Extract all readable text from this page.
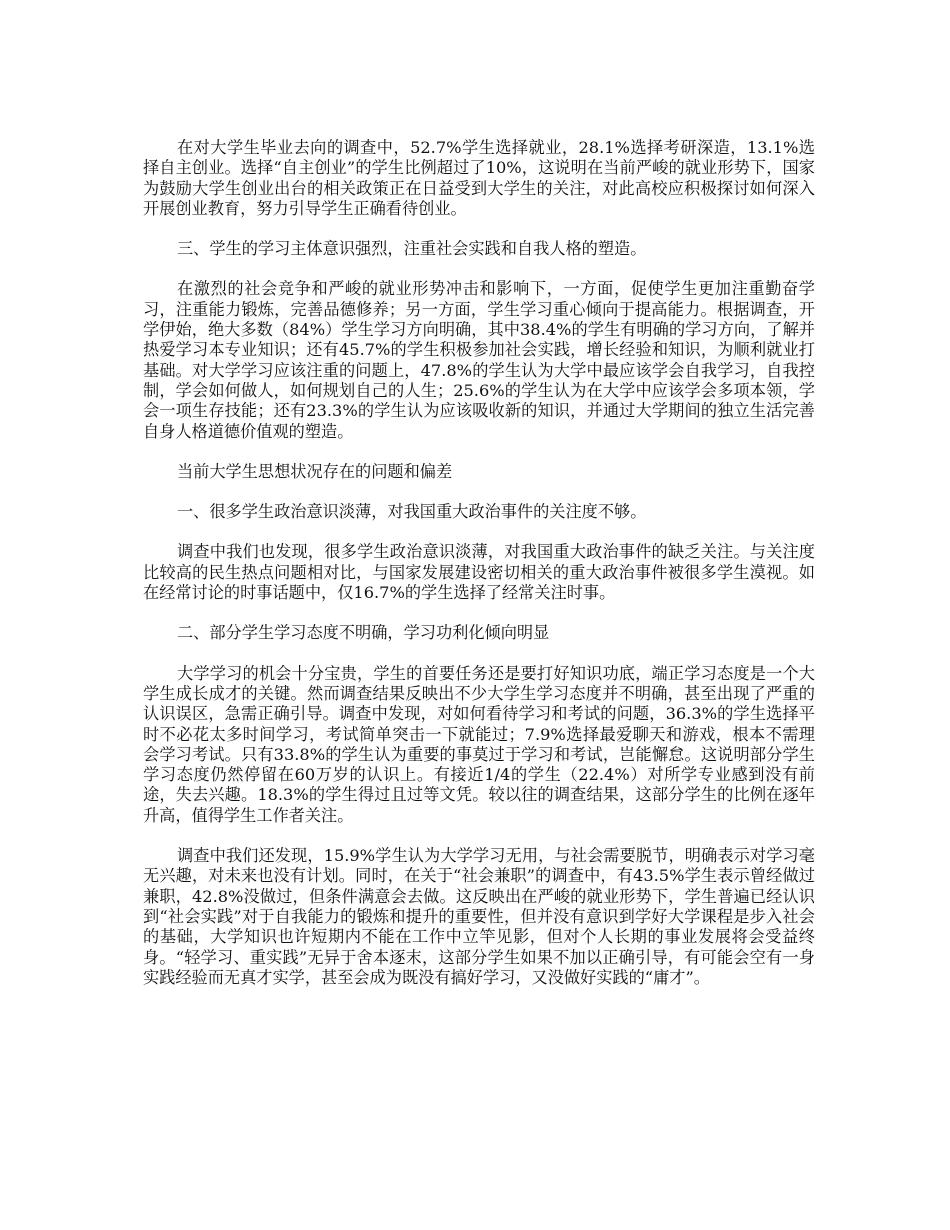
在对大学生毕业去向的调查中，52.7%学生选择就业，28.1%选择考研深造，13.1%选择自主创业。选择“自主创业”的学生比例超过了10%，这说明在当前严峻的就业形势下，国家为鼓励大学生创业出台的相关政策正在日益受到大学生的关注，对此高校应积极探讨如何深入开展创业教育，努力引导学生正确看待创业。

三、学生的学习主体意识强烈，注重社会实践和自我人格的塑造。

在激烈的社会竞争和严峻的就业形势冲击和影响下，一方面，促使学生更加注重勤奋学习，注重能力锻炼，完善品德修养；另一方面，学生学习重心倾向于提高能力。根据调查，开学伊始，绝大多数（84%）学生学习方向明确，其中38.4%的学生有明确的学习方向，了解并热爱学习本专业知识；还有45.7%的学生积极参加社会实践，增长经验和知识，为顺利就业打基础。对大学学习应该注重的问题上，47.8%的学生认为大学中最应该学会自我学习，自我控制，学会如何做人，如何规划自己的人生；25.6%的学生认为在大学中应该学会多项本领，学会一项生存技能；还有23.3%的学生认为应该吸收新的知识，并通过大学期间的独立生活完善自身人格道德价值观的塑造。

当前大学生思想状况存在的问题和偏差

一、很多学生政治意识淡薄，对我国重大政治事件的关注度不够。

调查中我们也发现，很多学生政治意识淡薄，对我国重大政治事件的缺乏关注。与关注度比较高的民生热点问题相对比，与国家发展建设密切相关的重大政治事件被很多学生漠视。如在经常讨论的时事话题中，仅16.7%的学生选择了经常关注时事。

二、部分学生学习态度不明确，学习功利化倾向明显

大学学习的机会十分宝贵，学生的首要任务还是要打好知识功底，端正学习态度是一个大学生成长成才的关键。然而调查结果反映出不少大学生学习态度并不明确，甚至出现了严重的认识误区，急需正确引导。调查中发现，对如何看待学习和考试的问题，36.3%的学生选择平时不必花太多时间学习，考试简单突击一下就能过；7.9%选择最爱聊天和游戏，根本不需理会学习考试。只有33.8%的学生认为重要的事莫过于学习和考试，岂能懈怠。这说明部分学生学习态度仍然停留在60万岁的认识上。有接近1/4的学生（22.4%）对所学专业感到没有前途，失去兴趣。18.3%的学生得过且过等文凭。较以往的调查结果，这部分学生的比例在逐年升高，值得学生工作者关注。

调查中我们还发现，15.9%学生认为大学学习无用，与社会需要脱节，明确表示对学习毫无兴趣，对未来也没有计划。同时，在关于“社会兼职”的调查中，有43.5%学生表示曾经做过兼职，42.8%没做过，但条件满意会去做。这反映出在严峻的就业形势下，学生普遍已经认识到“社会实践”对于自我能力的锻炼和提升的重要性，但并没有意识到学好大学课程是步入社会的基础，大学知识也许短期内不能在工作中立竿见影，但对个人长期的事业发展将会受益终身。“轻学习、重实践”无异于舍本逐末，这部分学生如果不加以正确引导，有可能会空有一身实践经验而无真才实学，甚至会成为既没有搞好学习，又没做好实践的“庸才”。
